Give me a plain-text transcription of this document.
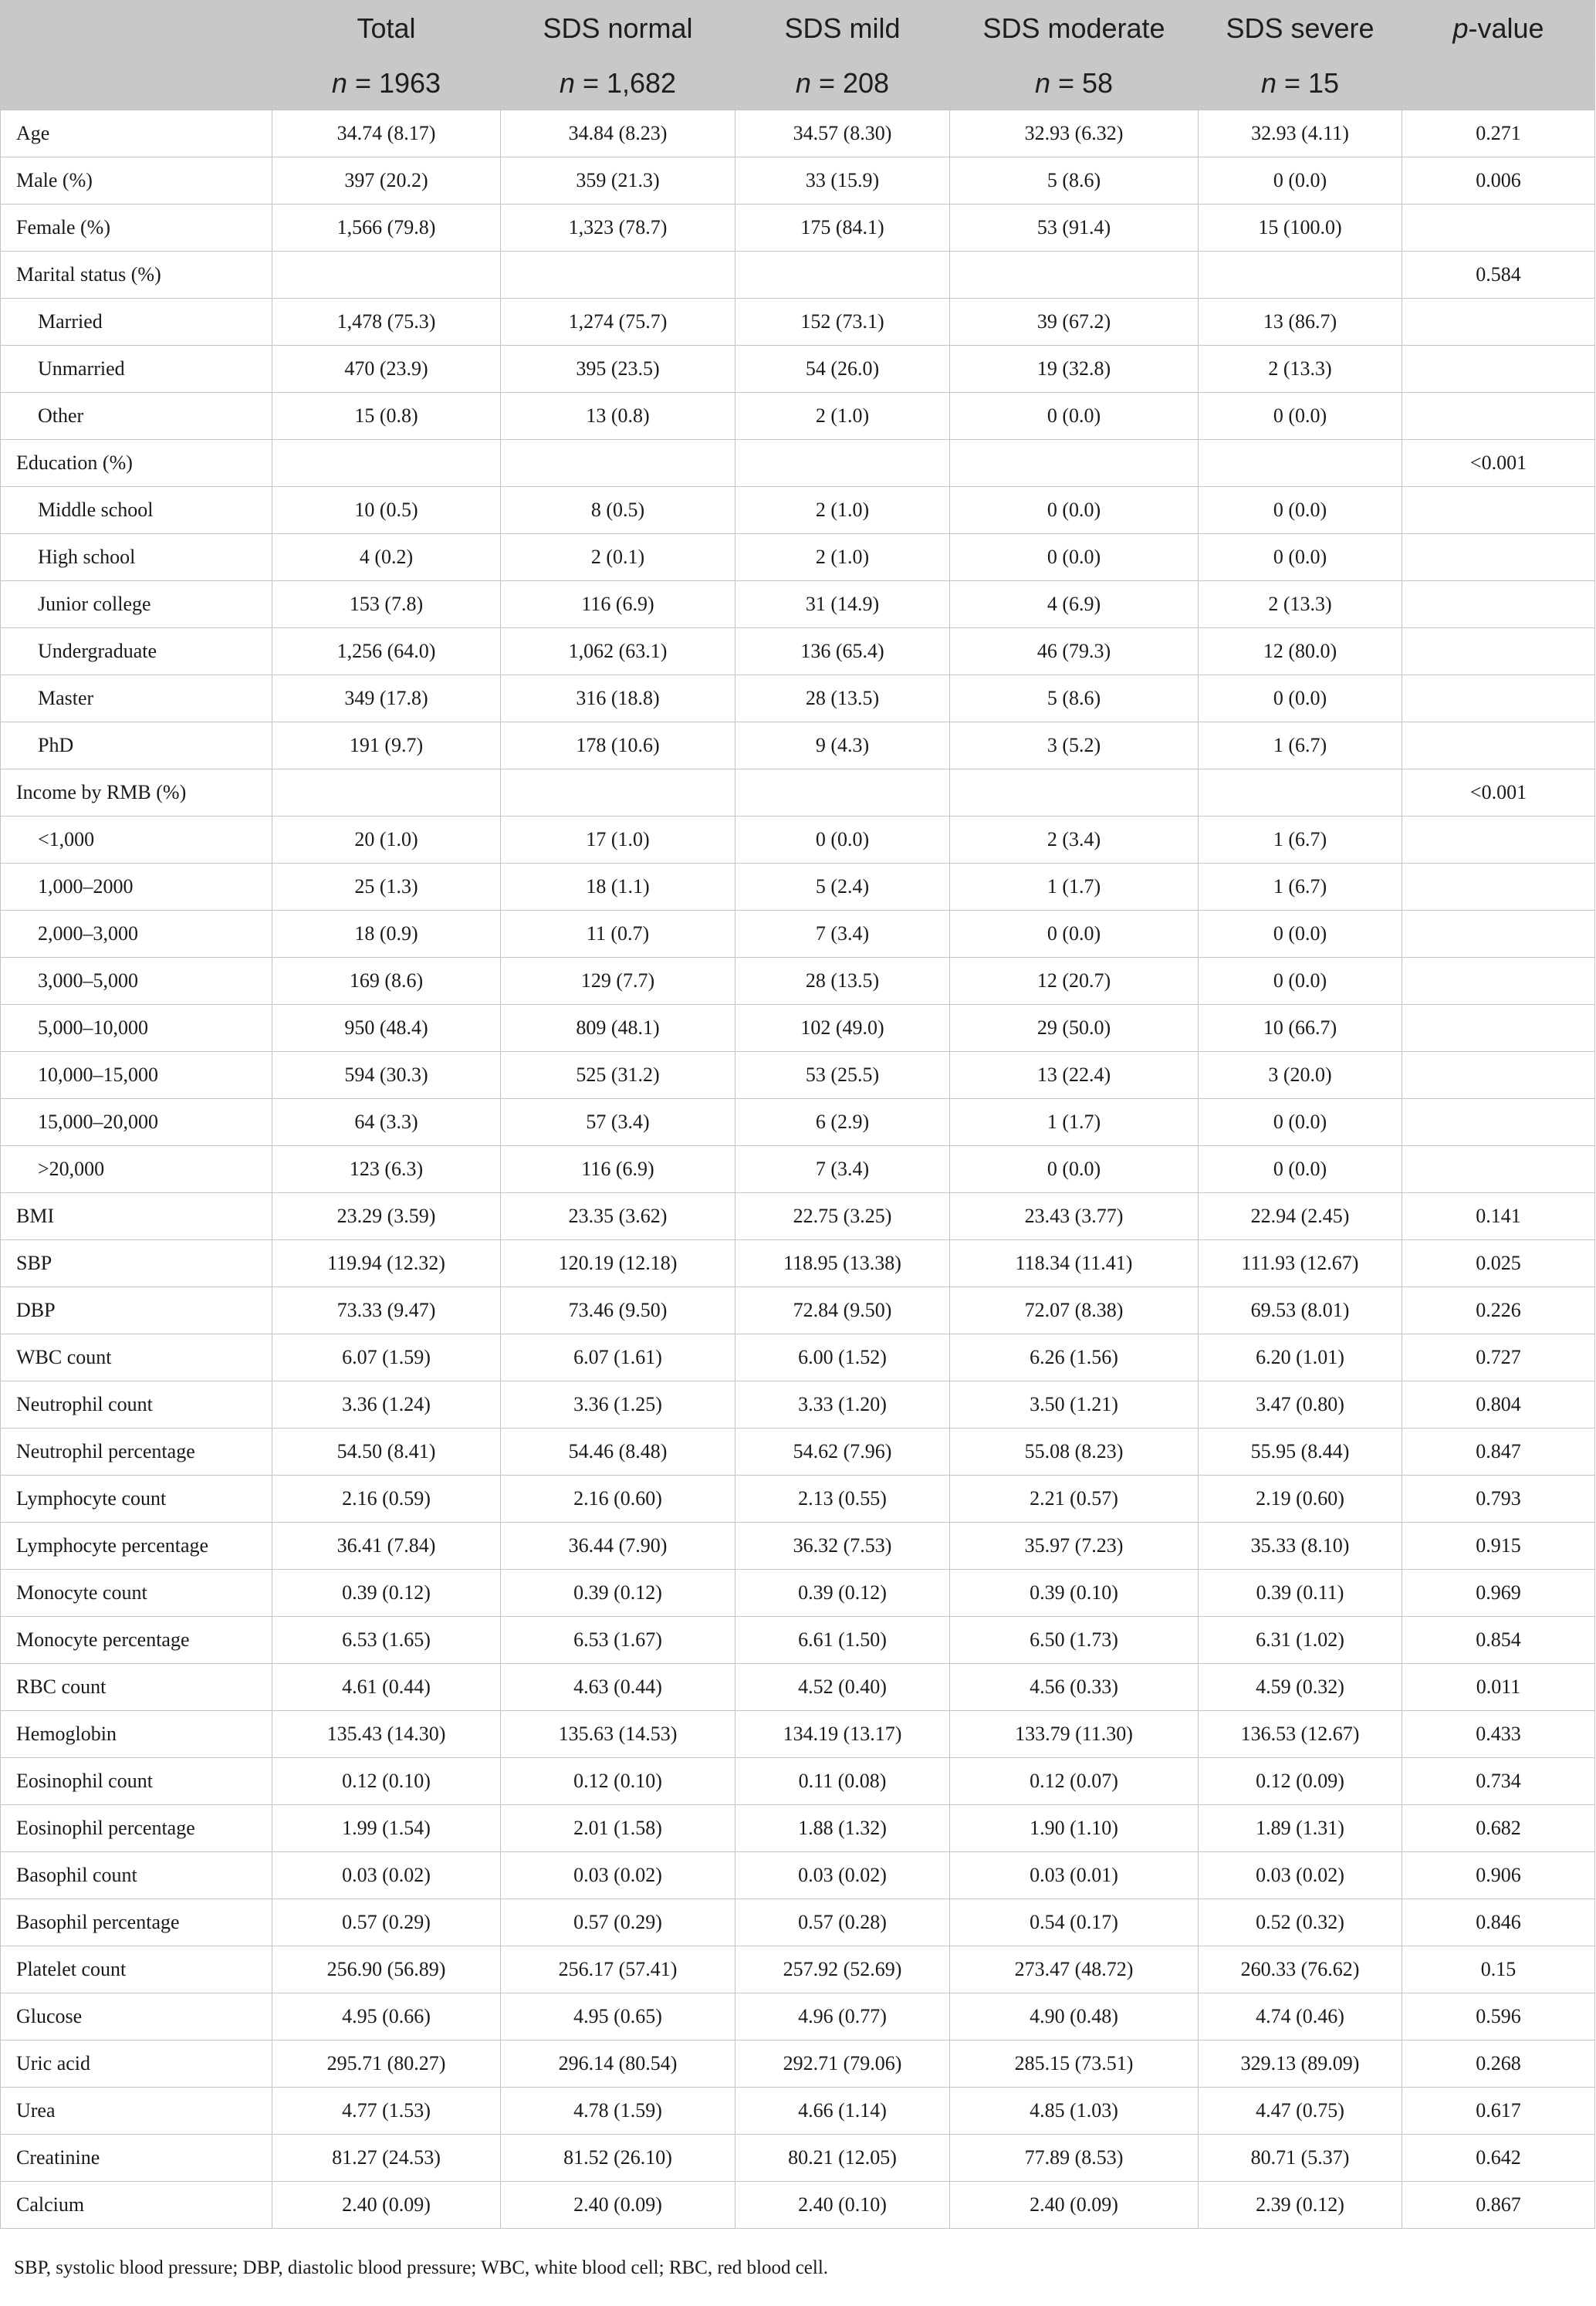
	Total	SDS normal	SDS mild	SDS moderate	SDS severe	p-value
	n = 1963	n = 1,682	n = 208	n = 58	n = 15	
Age	34.74 (8.17)	34.84 (8.23)	34.57 (8.30)	32.93 (6.32)	32.93 (4.11)	0.271
Male (%)	397 (20.2)	359 (21.3)	33 (15.9)	5 (8.6)	0 (0.0)	0.006
Female (%)	1,566 (79.8)	1,323 (78.7)	175 (84.1)	53 (91.4)	15 (100.0)	
Marital status (%)						0.584
Married	1,478 (75.3)	1,274 (75.7)	152 (73.1)	39 (67.2)	13 (86.7)	
Unmarried	470 (23.9)	395 (23.5)	54 (26.0)	19 (32.8)	2 (13.3)	
Other	15 (0.8)	13 (0.8)	2 (1.0)	0 (0.0)	0 (0.0)	
Education (%)						<0.001
Middle school	10 (0.5)	8 (0.5)	2 (1.0)	0 (0.0)	0 (0.0)	
High school	4 (0.2)	2 (0.1)	2 (1.0)	0 (0.0)	0 (0.0)	
Junior college	153 (7.8)	116 (6.9)	31 (14.9)	4 (6.9)	2 (13.3)	
Undergraduate	1,256 (64.0)	1,062 (63.1)	136 (65.4)	46 (79.3)	12 (80.0)	
Master	349 (17.8)	316 (18.8)	28 (13.5)	5 (8.6)	0 (0.0)	
PhD	191 (9.7)	178 (10.6)	9 (4.3)	3 (5.2)	1 (6.7)	
Income by RMB (%)						<0.001
<1,000	20 (1.0)	17 (1.0)	0 (0.0)	2 (3.4)	1 (6.7)	
1,000–2000	25 (1.3)	18 (1.1)	5 (2.4)	1 (1.7)	1 (6.7)	
2,000–3,000	18 (0.9)	11 (0.7)	7 (3.4)	0 (0.0)	0 (0.0)	
3,000–5,000	169 (8.6)	129 (7.7)	28 (13.5)	12 (20.7)	0 (0.0)	
5,000–10,000	950 (48.4)	809 (48.1)	102 (49.0)	29 (50.0)	10 (66.7)	
10,000–15,000	594 (30.3)	525 (31.2)	53 (25.5)	13 (22.4)	3 (20.0)	
15,000–20,000	64 (3.3)	57 (3.4)	6 (2.9)	1 (1.7)	0 (0.0)	
>20,000	123 (6.3)	116 (6.9)	7 (3.4)	0 (0.0)	0 (0.0)	
BMI	23.29 (3.59)	23.35 (3.62)	22.75 (3.25)	23.43 (3.77)	22.94 (2.45)	0.141
SBP	119.94 (12.32)	120.19 (12.18)	118.95 (13.38)	118.34 (11.41)	111.93 (12.67)	0.025
DBP	73.33 (9.47)	73.46 (9.50)	72.84 (9.50)	72.07 (8.38)	69.53 (8.01)	0.226
WBC count	6.07 (1.59)	6.07 (1.61)	6.00 (1.52)	6.26 (1.56)	6.20 (1.01)	0.727
Neutrophil count	3.36 (1.24)	3.36 (1.25)	3.33 (1.20)	3.50 (1.21)	3.47 (0.80)	0.804
Neutrophil percentage	54.50 (8.41)	54.46 (8.48)	54.62 (7.96)	55.08 (8.23)	55.95 (8.44)	0.847
Lymphocyte count	2.16 (0.59)	2.16 (0.60)	2.13 (0.55)	2.21 (0.57)	2.19 (0.60)	0.793
Lymphocyte percentage	36.41 (7.84)	36.44 (7.90)	36.32 (7.53)	35.97 (7.23)	35.33 (8.10)	0.915
Monocyte count	0.39 (0.12)	0.39 (0.12)	0.39 (0.12)	0.39 (0.10)	0.39 (0.11)	0.969
Monocyte percentage	6.53 (1.65)	6.53 (1.67)	6.61 (1.50)	6.50 (1.73)	6.31 (1.02)	0.854
RBC count	4.61 (0.44)	4.63 (0.44)	4.52 (0.40)	4.56 (0.33)	4.59 (0.32)	0.011
Hemoglobin	135.43 (14.30)	135.63 (14.53)	134.19 (13.17)	133.79 (11.30)	136.53 (12.67)	0.433
Eosinophil count	0.12 (0.10)	0.12 (0.10)	0.11 (0.08)	0.12 (0.07)	0.12 (0.09)	0.734
Eosinophil percentage	1.99 (1.54)	2.01 (1.58)	1.88 (1.32)	1.90 (1.10)	1.89 (1.31)	0.682
Basophil count	0.03 (0.02)	0.03 (0.02)	0.03 (0.02)	0.03 (0.01)	0.03 (0.02)	0.906
Basophil percentage	0.57 (0.29)	0.57 (0.29)	0.57 (0.28)	0.54 (0.17)	0.52 (0.32)	0.846
Platelet count	256.90 (56.89)	256.17 (57.41)	257.92 (52.69)	273.47 (48.72)	260.33 (76.62)	0.15
Glucose	4.95 (0.66)	4.95 (0.65)	4.96 (0.77)	4.90 (0.48)	4.74 (0.46)	0.596
Uric acid	295.71 (80.27)	296.14 (80.54)	292.71 (79.06)	285.15 (73.51)	329.13 (89.09)	0.268
Urea	4.77 (1.53)	4.78 (1.59)	4.66 (1.14)	4.85 (1.03)	4.47 (0.75)	0.617
Creatinine	81.27 (24.53)	81.52 (26.10)	80.21 (12.05)	77.89 (8.53)	80.71 (5.37)	0.642
Calcium	2.40 (0.09)	2.40 (0.09)	2.40 (0.10)	2.40 (0.09)	2.39 (0.12)	0.867
SBP, systolic blood pressure; DBP, diastolic blood pressure; WBC, white blood cell; RBC, red blood cell.
